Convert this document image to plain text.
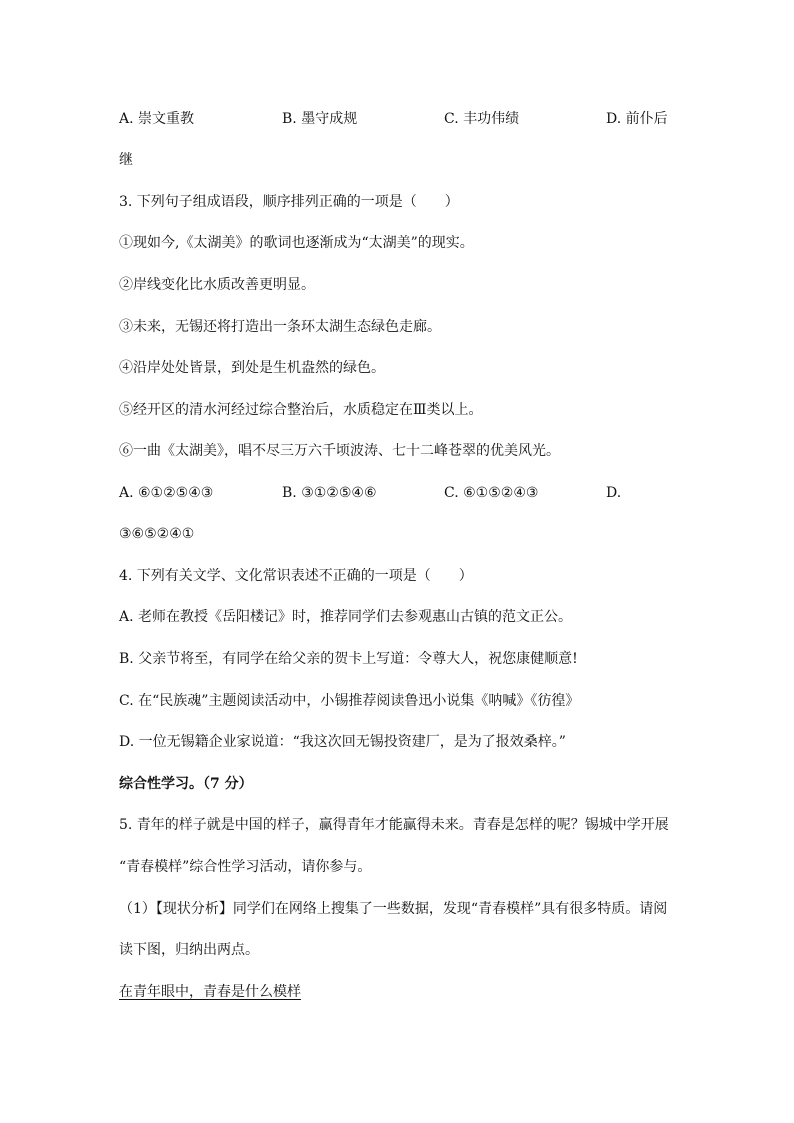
A. 崇文重教	B. 墨守成规	C. 丰功伟绩	D. 前仆后
继
3. 下列句子组成语段，顺序排列正确的一项是（　　）
①现如今,《太湖美》的歌词也逐渐成为“太湖美”的现实。
②岸线变化比水质改善更明显。
③未来，无锡还将打造出一条环太湖生态绿色走廊。
④沿岸处处皆景，到处是生机盎然的绿色。
⑤经开区的清水河经过综合整治后，水质稳定在Ⅲ类以上。
⑥一曲《太湖美》，唱不尽三万六千顷波涛、七十二峰苍翠的优美风光。
A. ⑥①②⑤④③	B. ③①②⑤④⑥	C. ⑥①⑤②④③	D.
③⑥⑤②④①
4. 下列有关文学、文化常识表述不正确的一项是（　　）
A. 老师在教授《岳阳楼记》时，推荐同学们去参观惠山古镇的范文正公。
B. 父亲节将至，有同学在给父亲的贺卡上写道：令尊大人，祝您康健顺意!
C. 在“民族魂”主题阅读活动中，小锡推荐阅读鲁迅小说集《呐喊》《彷徨》
D. 一位无锡籍企业家说道：“我这次回无锡投资建厂，是为了报效桑梓。”
综合性学习。（7 分）
5. 青年的样子就是中国的样子，赢得青年才能赢得未来。青春是怎样的呢？锡城中学开展
“青春模样”综合性学习活动，请你参与。
（1）【现状分析】同学们在网络上搜集了一些数据，发现“青春模样”具有很多特质。请阅
读下图，归纳出两点。
在青年眼中，青春是什么模样
